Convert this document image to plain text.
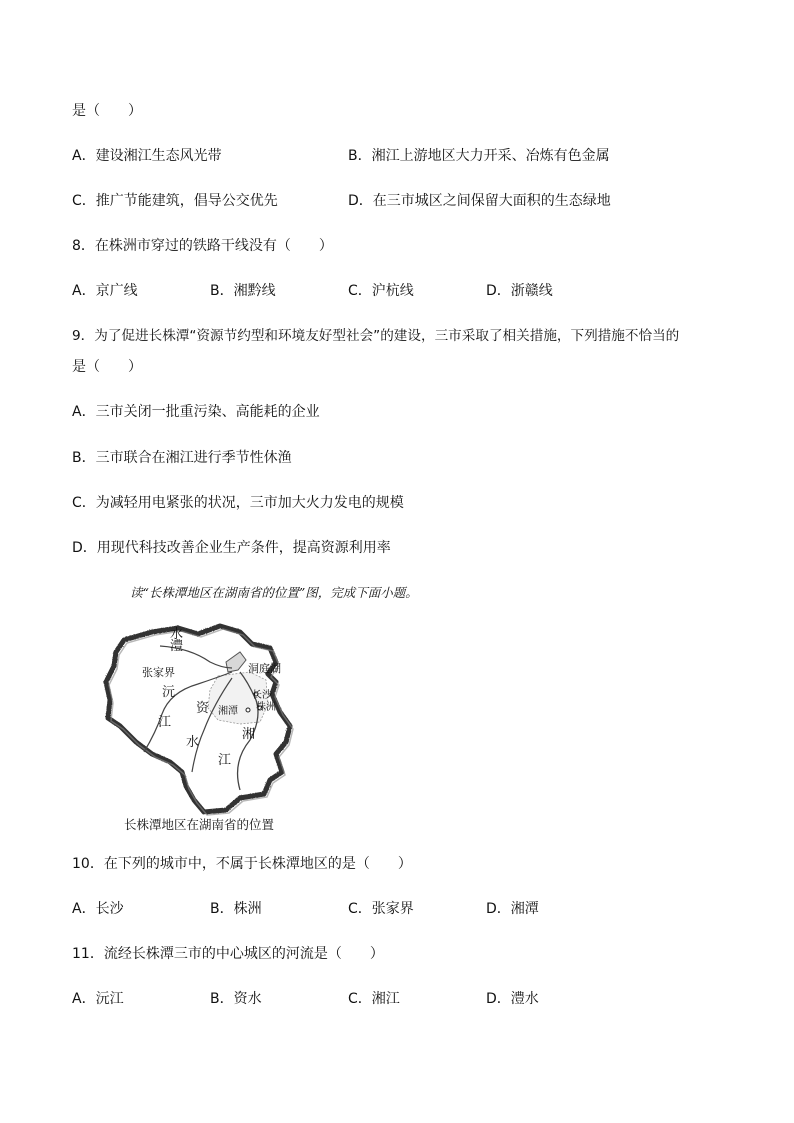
是（　　）
A．建设湘江生态风光带	B．湘江上游地区大力开采、冶炼有色金属
C．推广节能建筑，倡导公交优先	D．在三市城区之间保留大面积的生态绿地
8．在株洲市穿过的铁路干线没有（　　）
A．京广线	B．湘黔线	C．沪杭线	D．浙赣线
9．为了促进长株潭“资源节约型和环境友好型社会”的建设，三市采取了相关措施，下列措施不恰当的
是（　　）
A．三市关闭一批重污染、高能耗的企业
B．三市联合在湘江进行季节性休渔
C．为减轻用电紧张的状况，三市加大火力发电的规模
D．用现代科技改善企业生产条件，提高资源利用率
读“长株潭地区在湖南省的位置”图，完成下面小题。
澧
水
张家界	洞庭湖
沅
江
资
水
湘潭
长沙
株洲
湘
江
长株潭地区在湖南省的位置
10．在下列的城市中，不属于长株潭地区的是（　　）
A．长沙	B．株洲	C．张家界	D．湘潭
11．流经长株潭三市的中心城区的河流是（　　）
A．沅江	B．资水	C．湘江	D．澧水
